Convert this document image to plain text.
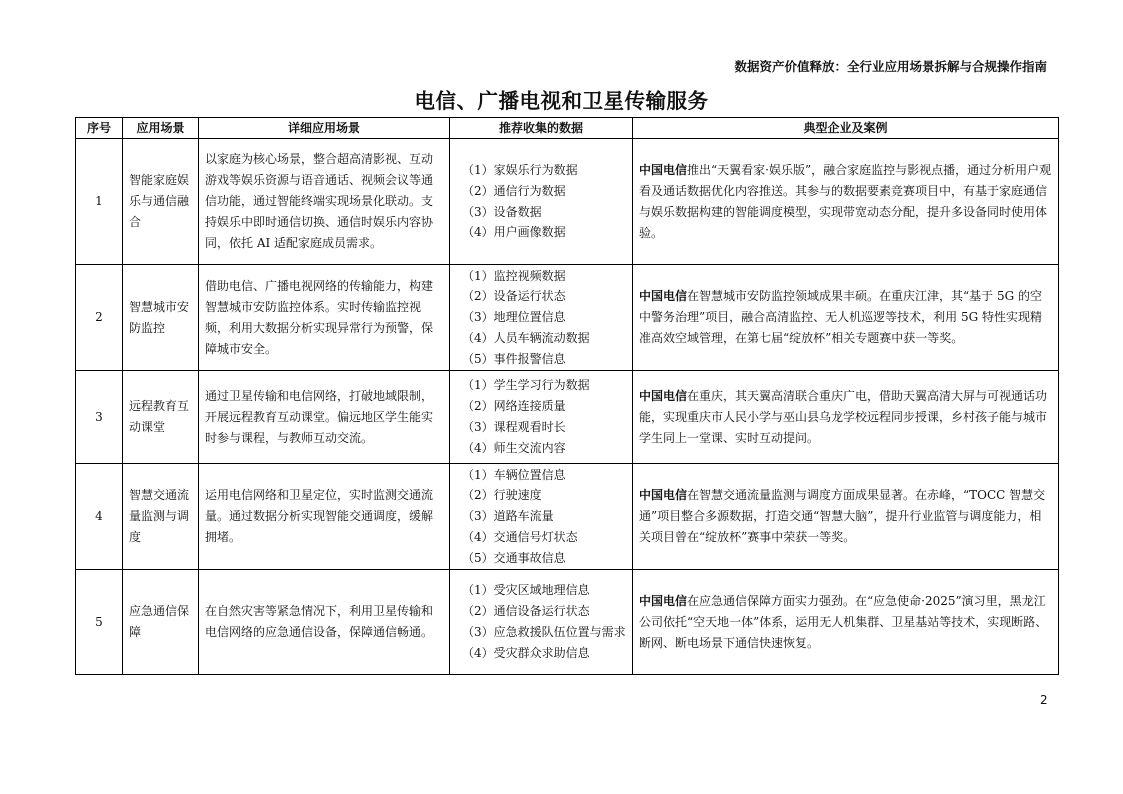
数据资产价值释放：全行业应用场景拆解与合规操作指南
电信、广播电视和卫星传输服务
序号	应用场景	详细应用场景	推荐收集的数据	典型企业及案例
1	智能家庭娱乐与通信融合	以家庭为核心场景，整合超高清影视、互动游戏等娱乐资源与语音通话、视频会议等通信功能，通过智能终端实现场景化联动。支持娱乐中即时通信切换、通信时娱乐内容协同，依托 AI 适配家庭成员需求。	（1）家娱乐行为数据
（2）通信行为数据
（3）设备数据
（4）用户画像数据	中国电信推出“天翼看家·娱乐版”，融合家庭监控与影视点播，通过分析用户观看及通话数据优化内容推送。其参与的数据要素竞赛项目中，有基于家庭通信与娱乐数据构建的智能调度模型，实现带宽动态分配，提升多设备同时使用体验。
2	智慧城市安防监控	借助电信、广播电视网络的传输能力，构建智慧城市安防监控体系。实时传输监控视频，利用大数据分析实现异常行为预警，保障城市安全。	（1）监控视频数据
（2）设备运行状态
（3）地理位置信息
（4）人员车辆流动数据
（5）事件报警信息	中国电信在智慧城市安防监控领域成果丰硕。在重庆江津，其“基于 5G 的空中警务治理”项目，融合高清监控、无人机巡逻等技术，利用 5G 特性实现精准高效空域管理，在第七届“绽放杯”相关专题赛中获一等奖。
3	远程教育互动课堂	通过卫星传输和电信网络，打破地域限制，开展远程教育互动课堂。偏远地区学生能实时参与课程，与教师互动交流。	（1）学生学习行为数据
（2）网络连接质量
（3）课程观看时长
（4）师生交流内容	中国电信在重庆，其天翼高清联合重庆广电，借助天翼高清大屏与可视通话功能，实现重庆市人民小学与巫山县乌龙学校远程同步授课，乡村孩子能与城市学生同上一堂课、实时互动提问。
4	智慧交通流量监测与调度	运用电信网络和卫星定位，实时监测交通流量。通过数据分析实现智能交通调度，缓解拥堵。	（1）车辆位置信息
（2）行驶速度
（3）道路车流量
（4）交通信号灯状态
（5）交通事故信息	中国电信在智慧交通流量监测与调度方面成果显著。在赤峰，“TOCC 智慧交通”项目整合多源数据，打造交通“智慧大脑”，提升行业监管与调度能力，相关项目曾在“绽放杯”赛事中荣获一等奖。
5	应急通信保障	在自然灾害等紧急情况下，利用卫星传输和电信网络的应急通信设备，保障通信畅通。	（1）受灾区域地理信息
（2）通信设备运行状态
（3）应急救援队伍位置与需求
（4）受灾群众求助信息	中国电信在应急通信保障方面实力强劲。在“应急使命·2025”演习里，黑龙江公司依托“空天地一体”体系，运用无人机集群、卫星基站等技术，实现断路、断网、断电场景下通信快速恢复。
2
